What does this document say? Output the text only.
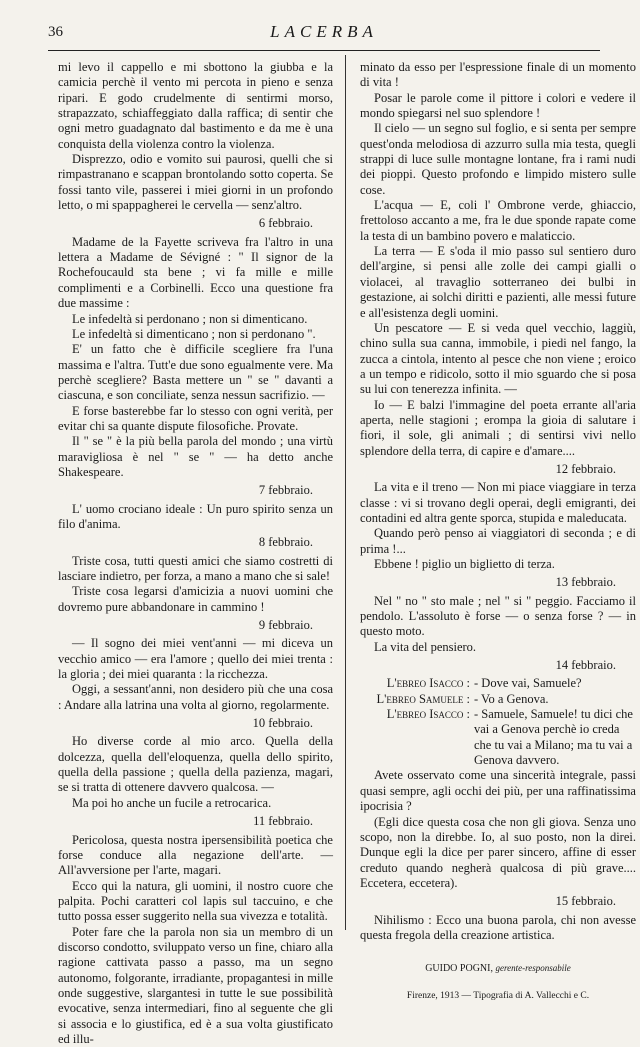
36	LACERBA

mi levo il cappello e mi sbottono la giubba e la camicia perchè il vento mi percota in pieno e senza ripari. E godo crudelmente di sentirmi morso, strapazzato, schiaffeggiato dalla raffica; di sentir che ogni metro guadagnato dal bastimento e da me è una conquista della violenza contro la violenza.

Disprezzo, odio e vomito sui paurosi, quelli che si rimpastranano e scappan brontolando sotto coperta. Se fossi tanto vile, passerei i miei giorni in un profondo letto, o mi spappagherei le cervella — senz'altro.

6 febbraio.

Madame de la Fayette scriveva fra l'altro in una lettera a Madame de Sévigné : " Il signor de la Rochefoucauld sta bene ; vi fa mille e mille complimenti e a Corbinelli. Ecco una questione fra due massime :

Le infedeltà si perdonano ; non si dimenticano.

Le infedeltà si dimenticano ; non si perdonano ".

E' un fatto che è difficile scegliere fra l'una massima e l'altra. Tutt'e due sono egualmente vere. Ma perchè scegliere? Basta mettere un " se " davanti a ciascuna, e son conciliate, senza nessun sacrifizio. —

E forse basterebbe far lo stesso con ogni verità, per evitar chi sa quante dispute filosofiche. Provate.

Il " se " è la più bella parola del mondo ; una virtù maravigliosa è nel " se " — ha detto anche Shakespeare.

7 febbraio.

L' uomo crociano ideale : Un puro spirito senza un filo d'anima.

8 febbraio.

Triste cosa, tutti questi amici che siamo costretti di lasciare indietro, per forza, a mano a mano che si sale!

Triste cosa legarsi d'amicizia a nuovi uomini che dovremo pure abbandonare in cammino !

9 febbraio.

— Il sogno dei miei vent'anni — mi diceva un vecchio amico — era l'amore ; quello dei miei trenta : la gloria ; dei miei quaranta : la ricchezza.

Oggi, a sessant'anni, non desidero più che una cosa : Andare alla latrina una volta al giorno, regolarmente.

10 febbraio.

Ho diverse corde al mio arco. Quella della dolcezza, quella dell'eloquenza, quella dello spirito, quella della passione ; quella della pazienza, magari, se si tratta di ottenere davvero qualcosa. —

Ma poi ho anche un fucile a retrocarica.

11 febbraio.

Pericolosa, questa nostra ipersensibilità poetica che forse conduce alla negazione dell'arte. — All'avversione per l'arte, magari.

Ecco qui la natura, gli uomini, il nostro cuore che palpita. Pochi caratteri col lapis sul taccuino, e che tutto possa esser suggerito nella sua vivezza e totalità.

Poter fare che la parola non sia un membro di un discorso condotto, sviluppato verso un fine, chiaro alla ragione cattivata passo a passo, ma un segno autonomo, folgorante, irradiante, propagantesi in mille onde suggestive, slargantesi in tutte le sue possibilità evocative, senza intermediari, fino al seguente che gli si associa e lo giustifica, ed è a sua volta giustificato ed illu-

minato da esso per l'espressione finale di un momento di vita !

Posar le parole come il pittore i colori e vedere il mondo spiegarsi nel suo splendore !

Il cielo — un segno sul foglio, e si senta per sempre quest'onda melodiosa di azzurro sulla mia testa, quegli strappi di luce sulle montagne lontane, fra i rami nudi dei pioppi. Questo profondo e limpido mistero sulle cose.

L'acqua — E, coli l' Ombrone verde, ghiaccio, frettoloso accanto a me, fra le due sponde rapate come la testa di un bambino povero e malaticcio.

La terra — E s'oda il mio passo sul sentiero duro dell'argine, si pensi alle zolle dei campi gialli o violacei, al travaglio sotterraneo dei bulbi in gestazione, ai solchi diritti e pazienti, alle messi future e all'esistenza degli uomini.

Un pescatore — E si veda quel vecchio, laggiù, chino sulla sua canna, immobile, i piedi nel fango, la zucca a cintola, intento al pesce che non viene ; eroico a un tempo e ridicolo, sotto il mio sguardo che si posa su lui con tenerezza infinita. —

Io — E balzi l'immagine del poeta errante all'aria aperta, nelle stagioni ; erompa la gioia di salutare i fiori, il sole, gli animali ; di sentirsi vivi nello splendore della terra, di capire e d'amare....

12 febbraio.

La vita e il treno — Non mi piace viaggiare in terza classe : vi si trovano degli operai, degli emigranti, dei contadini ed altra gente sporca, stupida e maleducata.

Quando però penso ai viaggiatori di seconda ; e di prima !...

Ebbene ! piglio un biglietto di terza.

13 febbraio.

Nel " no " sto male ; nel " si " peggio. Facciamo il pendolo. L'assoluto è forse — o senza forse ? — in questo moto.

La vita del pensiero.

14 febbraio.

L'ebreo Isacco : - Dove vai, Samuele?
L'ebreo Samuele : - Vo a Genova.
L'ebreo Isacco : - Samuele, Samuele! tu dici che vai a Genova perchè io creda che tu vai a Milano; ma tu vai a Genova davvero.

Avete osservato come una sincerità integrale, passi quasi sempre, agli occhi dei più, per una raffinatissima ipocrisia ?

(Egli dice questa cosa che non gli giova. Senza uno scopo, non la direbbe. Io, al suo posto, non la direi. Dunque egli la dice per parer sincero, affine di esser creduto quando negherà qualcosa di più grave.... Eccetera, eccetera).

15 febbraio.

Nihilismo : Ecco una buona parola, chi non avesse questa fregola della creazione artistica.

GUIDO POGNI, gerente-responsabile

Firenze, 1913 — Tipografia di A. Vallecchi e C.
